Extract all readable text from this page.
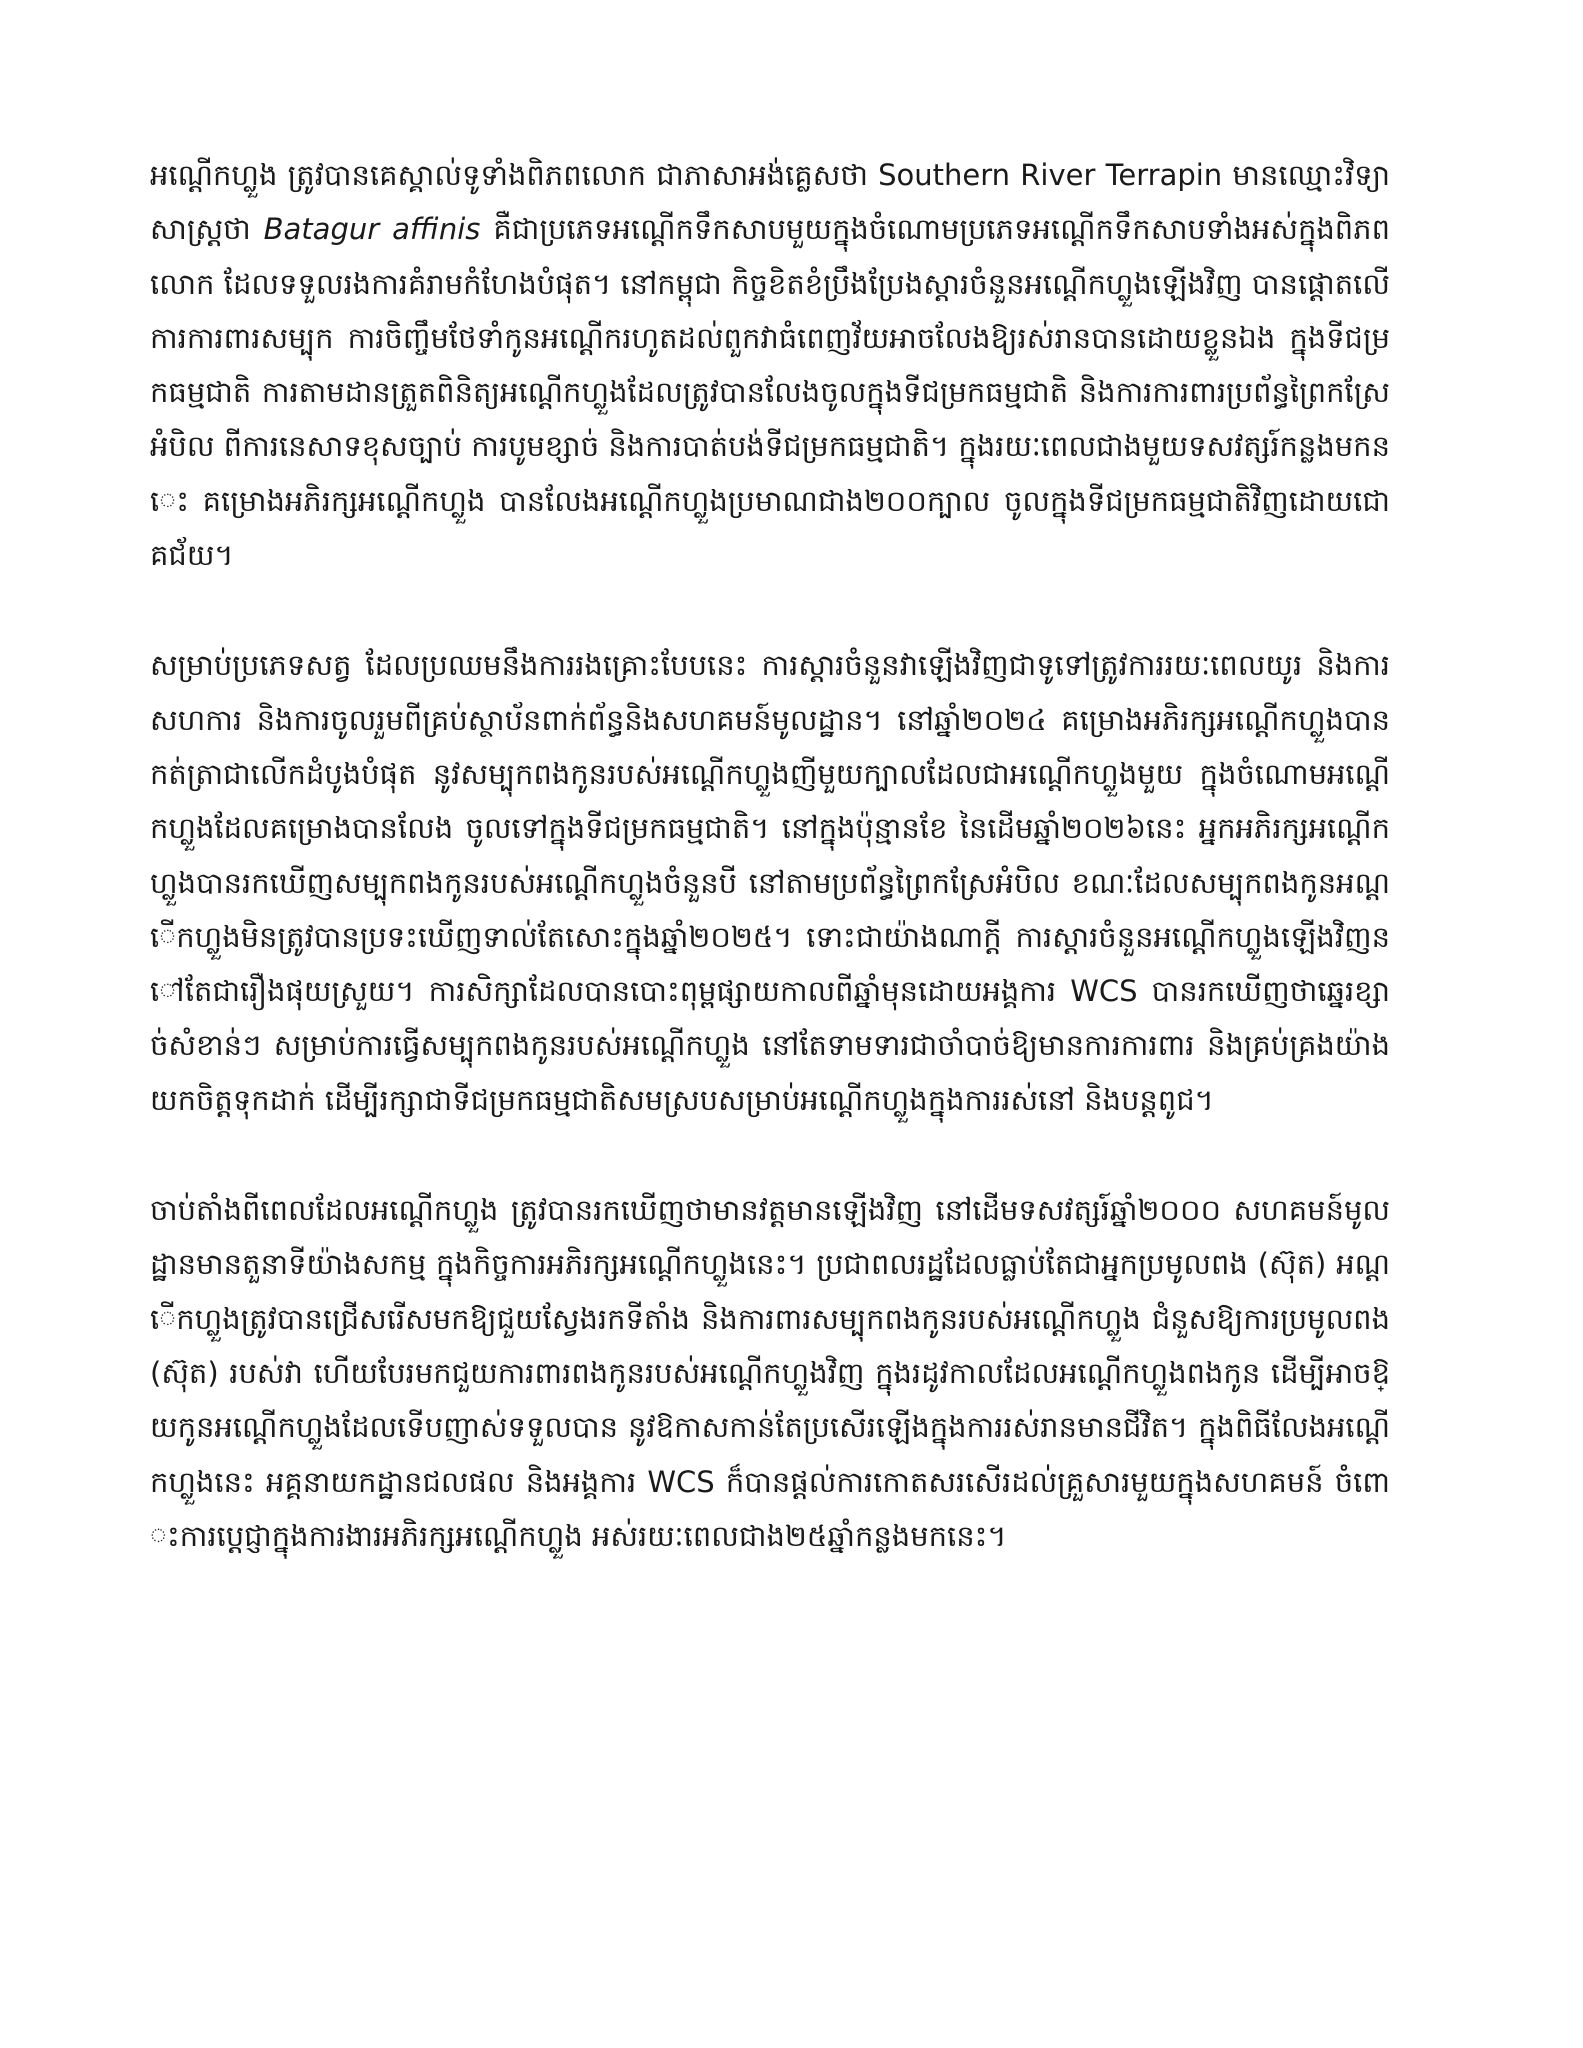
អណ្តើកហ្លួង ត្រូវបានគេស្គាល់ទូទាំងពិភពលោក ជាភាសាអង់គ្លេសថា Southern River Terrapin មានឈ្មោះវិទ្យាសាស្ត្រថា Batagur affinis គឺជាប្រភេទអណ្តើកទឹកសាបមួយក្នុងចំណោមប្រភេទអណ្តើកទឹកសាបទាំងអស់ក្នុងពិភពលោក ដែលទទួលរងការគំរាមកំហែងបំផុត។ នៅកម្ពុជា កិច្ចខិតខំប្រឹងប្រែងស្តារចំនួនអណ្តើកហ្លួងឡើងវិញ បានផ្តោតលើការការពារសម្បុក ការចិញ្ចឹមថែទាំកូនអណ្តើករហូតដល់ពួកវាធំពេញវ័យអាចលែងឱ្យរស់រានបានដោយខ្លួនឯង ក្នុងទីជម្រកធម្មជាតិ ការតាមដានត្រួតពិនិត្យអណ្តើកហ្លួងដែលត្រូវបានលែងចូលក្នុងទីជម្រកធម្មជាតិ និងការការពារប្រព័ន្ធព្រៃកស្រែអំបិល ពីការនេសាទខុសច្បាប់ ការបូមខ្សាច់ និងការបាត់បង់ទីជម្រកធម្មជាតិ។ ក្នុងរយៈពេលជាងមួយទសវត្សរ៍កន្លងមកនេះ គម្រោងអភិរក្សអណ្តើកហ្លួង បានលែងអណ្តើកហ្លួងប្រមាណជាង២០០ក្បាល ចូលក្នុងទីជម្រកធម្មជាតិវិញដោយជោគជ័យ។

សម្រាប់ប្រភេទសត្វ ដែលប្រឈមនឹងការរងគ្រោះបែបនេះ ការស្តារចំនួនវាឡើងវិញជាទូទៅត្រូវការរយៈពេលយូរ និងការសហការ និងការចូលរួមពីគ្រប់ស្ថាប័នពាក់ព័ន្ធនិងសហគមន៍មូលដ្ឋាន។ នៅឆ្នាំ២០២៤ គម្រោងអភិរក្សអណ្តើកហ្លួងបានកត់ត្រាជាលើកដំបូងបំផុត នូវសម្បុកពងកូនរបស់អណ្តើកហ្លួងញីមួយក្បាលដែលជាអណ្តើកហ្លួងមួយ ក្នុងចំណោមអណ្តើកហ្លួងដែលគម្រោងបានលែង ចូលទៅក្នុងទីជម្រកធម្មជាតិ។ នៅក្នុងប៉ុន្មានខែ នៃដើមឆ្នាំ២០២៦នេះ អ្នកអភិរក្សអណ្តើកហ្លួងបានរកឃើញសម្បុកពងកូនរបស់អណ្តើកហ្លួងចំនួនបី នៅតាមប្រព័ន្ធព្រៃកស្រែអំបិល ខណៈដែលសម្បុកពងកូនអណ្តើកហ្លួងមិនត្រូវបានប្រទះឃើញទាល់តែសោះក្នុងឆ្នាំ២០២៥។ ទោះជាយ៉ាងណាក្តី ការស្តារចំនួនអណ្តើកហ្លួងឡើងវិញនៅតែជារឿងផុយស្រួយ។ ការសិក្សាដែលបានបោះពុម្ពផ្សាយកាលពីឆ្នាំមុនដោយអង្គការ WCS បានរកឃើញថាឆ្នេរខ្សាច់សំខាន់ៗ សម្រាប់ការធ្វើសម្បុកពងកូនរបស់អណ្តើកហ្លួង នៅតែទាមទារជាចាំបាច់ឱ្យមានការការពារ និងគ្រប់គ្រងយ៉ាងយកចិត្តទុកដាក់ ដើម្បីរក្សាជាទីជម្រកធម្មជាតិសមស្របសម្រាប់អណ្តើកហ្លួងក្នុងការរស់នៅ និងបន្តពូជ។

ចាប់តាំងពីពេលដែលអណ្តើកហ្លួង ត្រូវបានរកឃើញថាមានវត្តមានឡើងវិញ នៅដើមទសវត្សរ៍ឆ្នាំ២០០០ សហគមន៍មូលដ្ឋានមានតួនាទីយ៉ាងសកម្ម ក្នុងកិច្ចការអភិរក្សអណ្តើកហ្លួងនេះ។ ប្រជាពលរដ្ឋដែលធ្លាប់តែជាអ្នកប្រមូលពង (ស៊ុត) អណ្តើកហ្លួងត្រូវបានជ្រើសរើសមកឱ្យជួយស្វែងរកទីតាំង និងការពារសម្បុកពងកូនរបស់អណ្តើកហ្លួង ជំនួសឱ្យការប្រមូលពង (ស៊ុត) របស់វា ហើយបែរមកជួយការពារពងកូនរបស់អណ្តើកហ្លួងវិញ ក្នុងរដូវកាលដែលអណ្តើកហ្លួងពងកូន ដើម្បីអាចឱ្យកូនអណ្តើកហ្លួងដែលទើបញាស់ទទួលបាន នូវឱកាសកាន់តែប្រសើរឡើងក្នុងការរស់រានមានជីវិត។ ក្នុងពិធីលែងអណ្តើកហ្លួងនេះ អគ្គនាយកដ្ឋានជលផល និងអង្គការ WCS ក៏បានផ្តល់ការកោតសរសើរដល់គ្រួសារមួយក្នុងសហគមន៍ ចំពោះការប្តេជ្ញាក្នុងការងារអភិរក្សអណ្តើកហ្លួង អស់រយៈពេលជាង២៥ឆ្នាំកន្លងមកនេះ។
